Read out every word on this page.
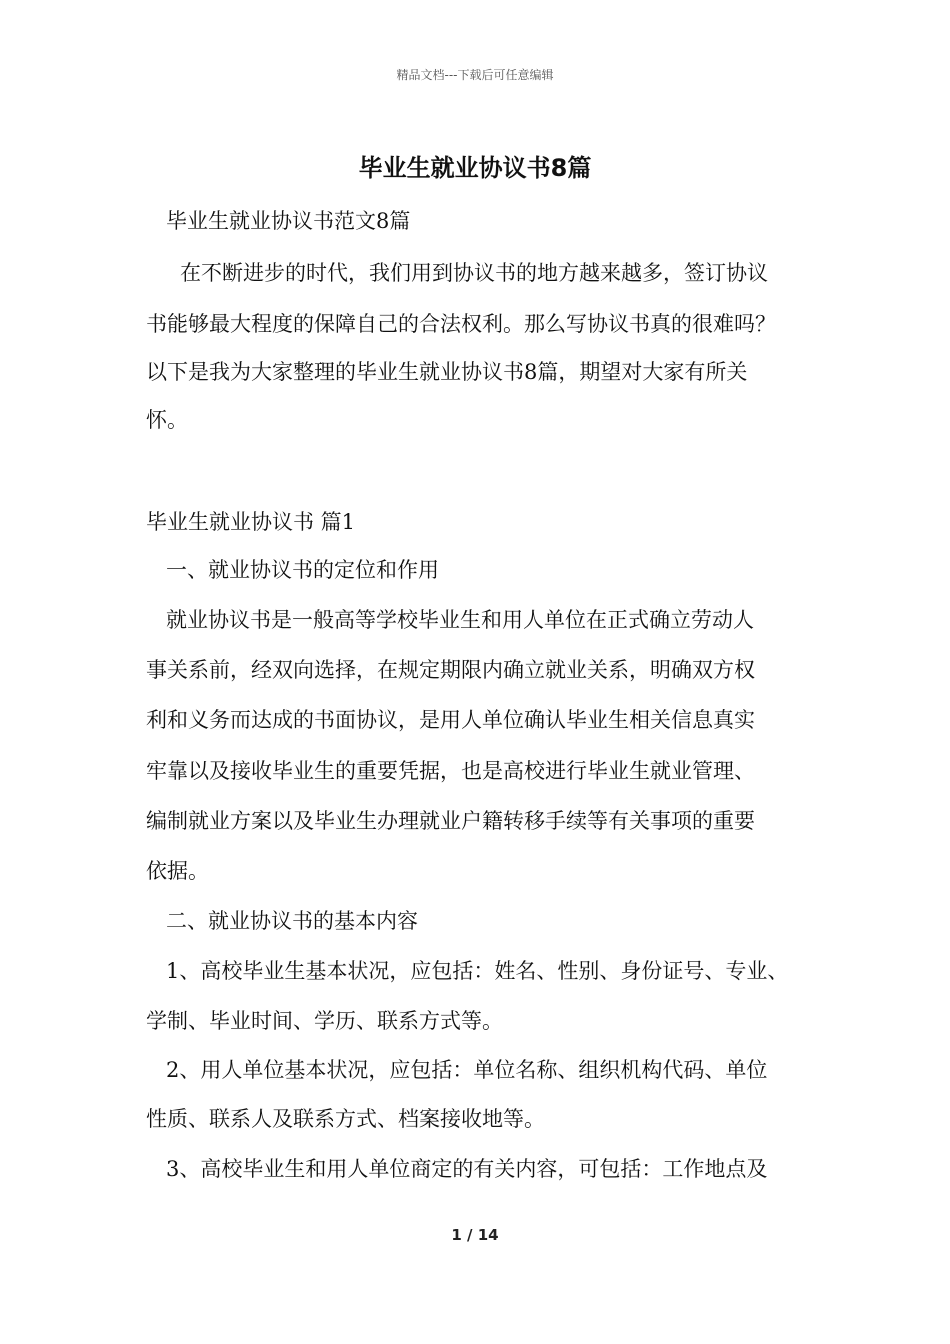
精品文档---下载后可任意编辑
毕业生就业协议书8篇
毕业生就业协议书范文8篇
在不断进步的时代，我们用到协议书的地方越来越多，签订协议
书能够最大程度的保障自己的合法权利。那么写协议书真的很难吗？
以下是我为大家整理的毕业生就业协议书8篇，期望对大家有所关
怀。
毕业生就业协议书 篇1
一、就业协议书的定位和作用
就业协议书是一般高等学校毕业生和用人单位在正式确立劳动人
事关系前，经双向选择，在规定期限内确立就业关系，明确双方权
利和义务而达成的书面协议，是用人单位确认毕业生相关信息真实
牢靠以及接收毕业生的重要凭据，也是高校进行毕业生就业管理、
编制就业方案以及毕业生办理就业户籍转移手续等有关事项的重要
依据。
二、就业协议书的基本内容
1、高校毕业生基本状况，应包括：姓名、性别、身份证号、专业、
学制、毕业时间、学历、联系方式等。
2、用人单位基本状况，应包括：单位名称、组织机构代码、单位
性质、联系人及联系方式、档案接收地等。
3、高校毕业生和用人单位商定的有关内容，可包括：工作地点及
1 / 14
